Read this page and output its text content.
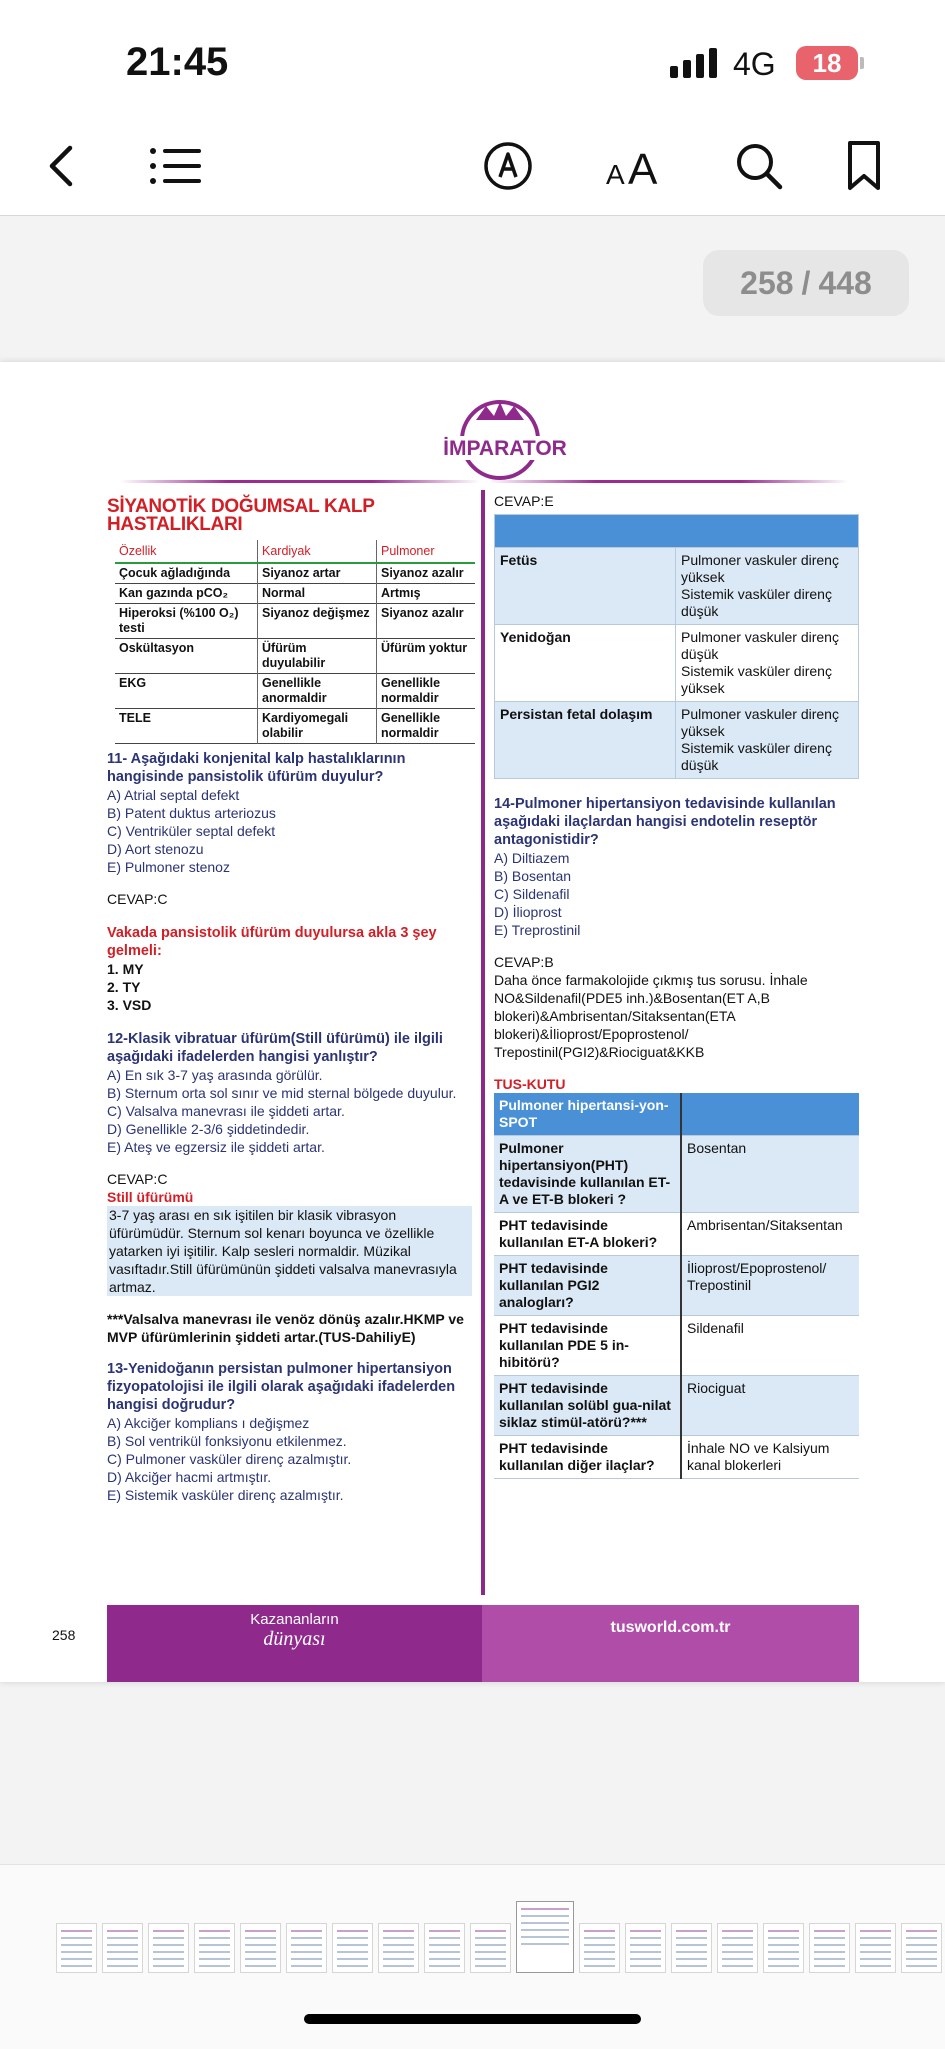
21:45	4G 18
A A
258 / 448
İMPARATOR
SİYANOTİK DOĞUMSAL KALP HASTALIKLARI
Özellik	Kardiyak	Pulmoner
Çocuk ağladığında	Siyanoz artar	Siyanoz azalır
Kan gazında pCO₂	Normal	Artmış
Hiperoksi (%100 O₂) testi	Siyanoz değişmez	Siyanoz azalır
Oskültasyon	Üfürüm duyulabilir	Üfürüm yoktur
EKG	Genellikle anormaldir	Genellikle normaldir
TELE	Kardiyomegali olabilir	Genellikle normaldir
11- Aşağıdaki konjenital kalp hastalıklarının hangisinde pansistolik üfürüm duyulur?
A) Atrial septal defekt
B) Patent duktus arteriozus
C) Ventriküler septal defekt
D) Aort stenozu
E) Pulmoner stenoz
CEVAP:C
Vakada pansistolik üfürüm duyulursa akla 3 şey gelmeli:
1. MY
2. TY
3. VSD
12-Klasik vibratuar üfürüm(Still üfürümü) ile ilgili aşağıdaki ifadelerden hangisi yanlıştır?
A) En sık 3-7 yaş arasında görülür.
B) Sternum orta sol sınır ve mid sternal bölgede duyulur.
C) Valsalva manevrası ile şiddeti artar.
D) Genellikle 2-3/6 şiddetindedir.
E) Ateş ve egzersiz ile şiddeti artar.
CEVAP:C
Still üfürümü
3-7 yaş arası en sık işitilen bir klasik vibrasyon üfürümüdür. Sternum sol kenarı boyunca ve özellikle yatarken iyi işitilir. Kalp sesleri normaldir. Müzikal vasıftadır.Still üfürümünün şiddeti valsalva manevrasıyla artmaz.
***Valsalva manevrası ile venöz dönüş azalır.HKMP ve MVP üfürümlerinin şiddeti artar.(TUS-DahiliyE)
13-Yenidoğanın persistan pulmoner hipertansiyon fizyopatolojisi ile ilgili olarak aşağıdaki ifadelerden hangisi doğrudur?
A) Akciğer komplians ı değişmez
B) Sol ventrikül fonksiyonu etkilenmez.
C) Pulmoner vasküler direnç azalmıştır.
D) Akciğer hacmi artmıştır.
E) Sistemik vasküler direnç azalmıştır.
CEVAP:E

Fetüs	Pulmoner vaskuler direnç yüksek
Sistemik vasküler direnç düşük
Yenidoğan	Pulmoner vaskuler direnç düşük
Sistemik vasküler direnç yüksek
Persistan fetal dolaşım	Pulmoner vaskuler direnç yüksek
Sistemik vasküler direnç düşük
14-Pulmoner hipertansiyon tedavisinde kullanılan aşağıdaki ilaçlardan hangisi endotelin reseptör antagonistidir?
A) Diltiazem
B) Bosentan
C) Sildenafil
D) İlioprost
E) Treprostinil
CEVAP:B
Daha önce farmakolojide çıkmış tus sorusu. İnhale NO&Sildenafil(PDE5 inh.)&Bosentan(ET A,B blokeri)&Ambrisentan/Sitaksentan(ETA blokeri)&İlioprost/Epoprostenol/ Trepostinil(PGI2)&Riociguat&KKB
TUS-KUTU
Pulmoner hipertansi-yon-SPOT	
Pulmoner hipertansiyon(PHT) tedavisinde kullanılan ET-A ve ET-B blokeri ?	Bosentan
PHT tedavisinde kullanılan ET-A blokeri?	Ambrisentan/Sitaksentan
PHT tedavisinde kullanılan PGI2 analogları?	İlioprost/Epoprostenol/ Trepostinil
PHT tedavisinde kullanılan PDE 5 in-hibitörü?	Sildenafil
PHT tedavisinde kullanılan solübl gua-nilat siklaz stimül-atörü?***	Riociguat
PHT tedavisinde kullanılan diğer ilaçlar?	İnhale NO ve Kalsiyum kanal blokerleri
258
Kazananların
dünyası
tusworld.com.tr
